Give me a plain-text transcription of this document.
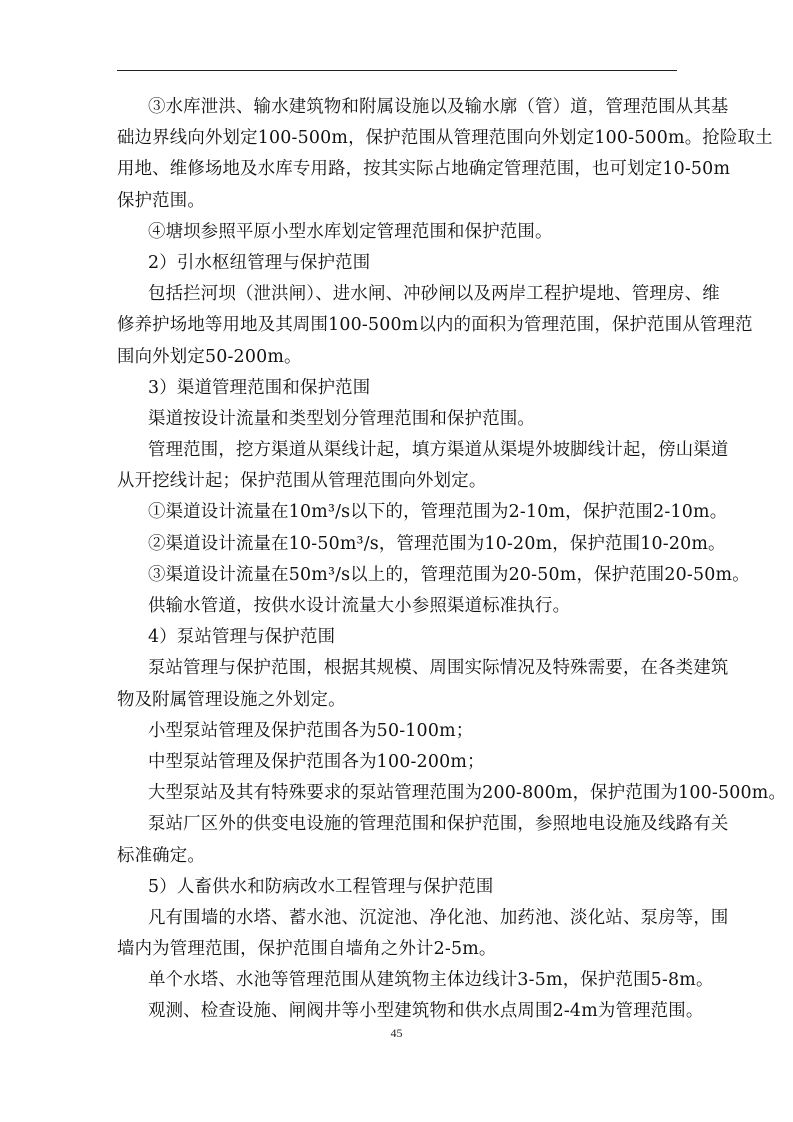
③水库泄洪、输水建筑物和附属设施以及输水廓（管）道，管理范围从其基
础边界线向外划定100-500m，保护范围从管理范围向外划定100-500m。抢险取土
用地、维修场地及水库专用路，按其实际占地确定管理范围，也可划定10-50m
保护范围。
④塘坝参照平原小型水库划定管理范围和保护范围。
2）引水枢纽管理与保护范围
包括拦河坝（泄洪闸）、进水闸、冲砂闸以及两岸工程护堤地、管理房、维
修养护场地等用地及其周围100-500m以内的面积为管理范围，保护范围从管理范
围向外划定50-200m。
3）渠道管理范围和保护范围
渠道按设计流量和类型划分管理范围和保护范围。
管理范围，挖方渠道从渠线计起，填方渠道从渠堤外坡脚线计起，傍山渠道
从开挖线计起；保护范围从管理范围向外划定。
①渠道设计流量在10m³/s以下的，管理范围为2-10m，保护范围2-10m。
②渠道设计流量在10-50m³/s，管理范围为10-20m，保护范围10-20m。
③渠道设计流量在50m³/s以上的，管理范围为20-50m，保护范围20-50m。
供输水管道，按供水设计流量大小参照渠道标准执行。
4）泵站管理与保护范围
泵站管理与保护范围，根据其规模、周围实际情况及特殊需要，在各类建筑
物及附属管理设施之外划定。
小型泵站管理及保护范围各为50-100m；
中型泵站管理及保护范围各为100-200m；
大型泵站及其有特殊要求的泵站管理范围为200-800m，保护范围为100-500m。
泵站厂区外的供变电设施的管理范围和保护范围，参照地电设施及线路有关
标准确定。
5）人畜供水和防病改水工程管理与保护范围
凡有围墙的水塔、蓄水池、沉淀池、净化池、加药池、淡化站、泵房等，围
墙内为管理范围，保护范围自墙角之外计2-5m。
单个水塔、水池等管理范围从建筑物主体边线计3-5m，保护范围5-8m。
观测、检查设施、闸阀井等小型建筑物和供水点周围2-4m为管理范围。
45
